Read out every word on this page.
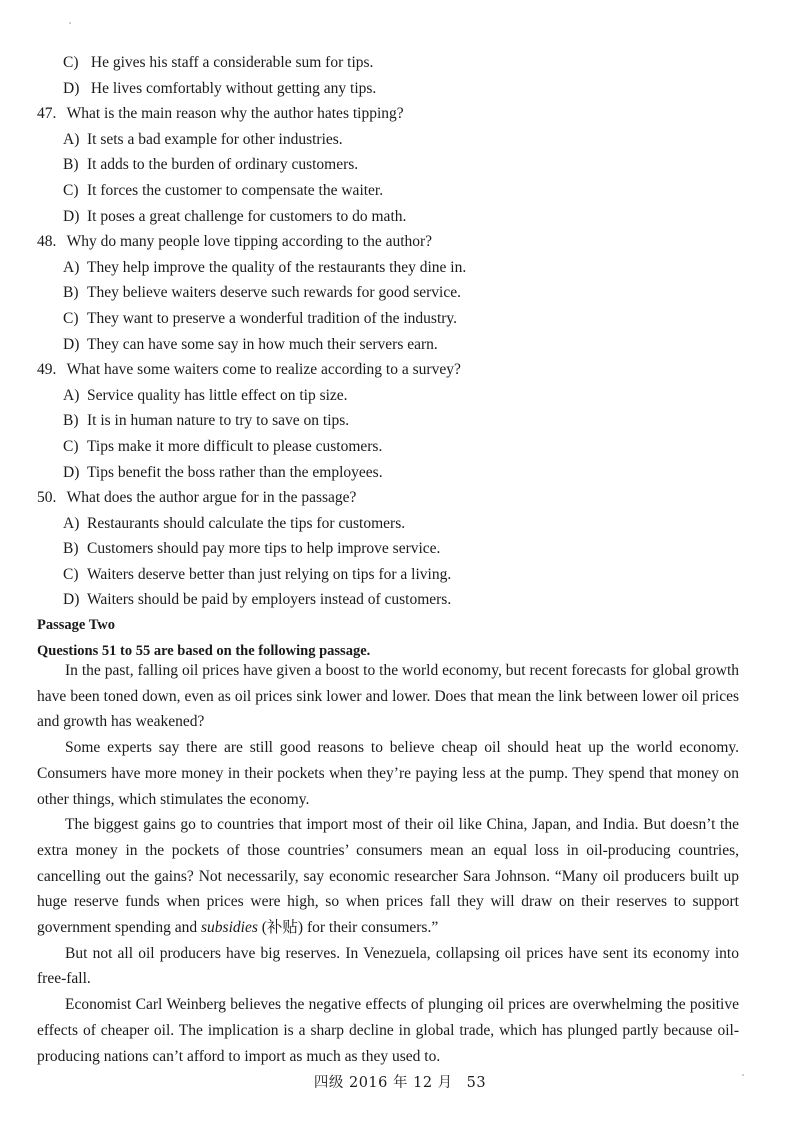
C) He gives his staff a considerable sum for tips.
D) He lives comfortably without getting any tips.
47. What is the main reason why the author hates tipping?
A) It sets a bad example for other industries.
B) It adds to the burden of ordinary customers.
C) It forces the customer to compensate the waiter.
D) It poses a great challenge for customers to do math.
48. Why do many people love tipping according to the author?
A) They help improve the quality of the restaurants they dine in.
B) They believe waiters deserve such rewards for good service.
C) They want to preserve a wonderful tradition of the industry.
D) They can have some say in how much their servers earn.
49. What have some waiters come to realize according to a survey?
A) Service quality has little effect on tip size.
B) It is in human nature to try to save on tips.
C) Tips make it more difficult to please customers.
D) Tips benefit the boss rather than the employees.
50. What does the author argue for in the passage?
A) Restaurants should calculate the tips for customers.
B) Customers should pay more tips to help improve service.
C) Waiters deserve better than just relying on tips for a living.
D) Waiters should be paid by employers instead of customers.
Passage Two
Questions 51 to 55 are based on the following passage.

In the past, falling oil prices have given a boost to the world economy, but recent forecasts for global growth have been toned down, even as oil prices sink lower and lower. Does that mean the link between lower oil prices and growth has weakened?

Some experts say there are still good reasons to believe cheap oil should heat up the world economy. Consumers have more money in their pockets when they’re paying less at the pump. They spend that money on other things, which stimulates the economy.

The biggest gains go to countries that import most of their oil like China, Japan, and India. But doesn’t the extra money in the pockets of those countries’ consumers mean an equal loss in oil-producing countries, cancelling out the gains? Not necessarily, say economic researcher Sara Johnson. “Many oil producers built up huge reserve funds when prices were high, so when prices fall they will draw on their reserves to support government spending and subsidies (补贴) for their consumers.”

But not all oil producers have big reserves. In Venezuela, collapsing oil prices have sent its economy into free-fall.

Economist Carl Weinberg believes the negative effects of plunging oil prices are overwhelming the positive effects of cheaper oil. The implication is a sharp decline in global trade, which has plunged partly because oil-producing nations can’t afford to import as much as they used to.

四级 2016 年 12 月 53
